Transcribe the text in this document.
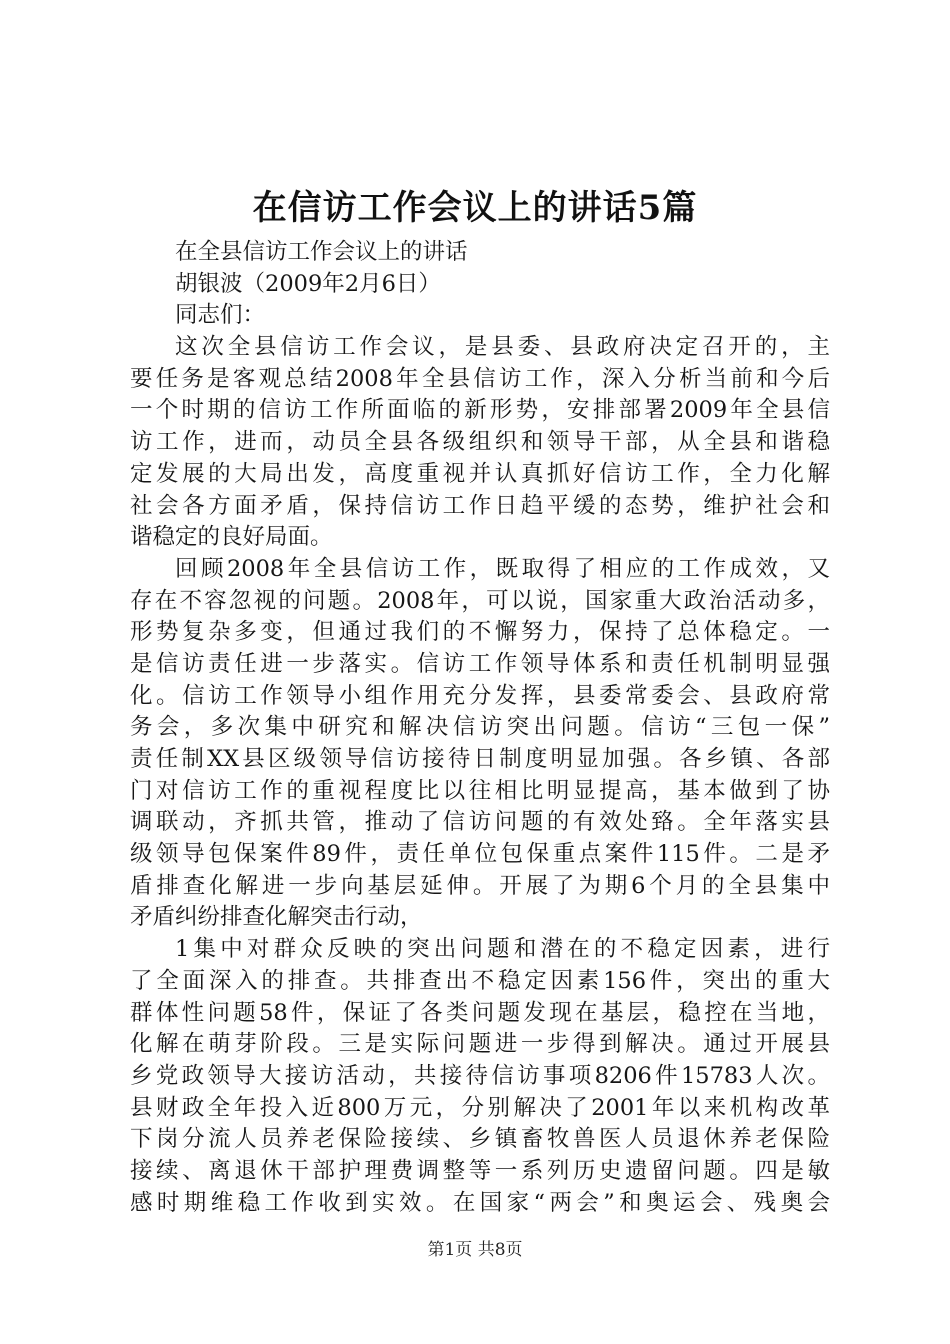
在信访工作会议上的讲话5篇
在全县信访工作会议上的讲话
胡银波（2009年2月6日）
同志们：
这次全县信访工作会议，是县委、县政府决定召开的，主
要任务是客观总结2008年全县信访工作，深入分析当前和今后
一个时期的信访工作所面临的新形势，安排部署2009年全县信
访工作，进而，动员全县各级组织和领导干部，从全县和谐稳
定发展的大局出发，高度重视并认真抓好信访工作，全力化解
社会各方面矛盾，保持信访工作日趋平缓的态势，维护社会和
谐稳定的良好局面。
回顾2008年全县信访工作，既取得了相应的工作成效，又
存在不容忽视的问题。2008年，可以说，国家重大政治活动多，
形势复杂多变，但通过我们的不懈努力，保持了总体稳定。一
是信访责任进一步落实。信访工作领导体系和责任机制明显强
化。信访工作领导小组作用充分发挥，县委常委会、县政府常
务会，多次集中研究和解决信访突出问题。信访“三包一保”
责任制XX县区级领导信访接待日制度明显加强。各乡镇、各部
门对信访工作的重视程度比以往相比明显提高，基本做到了协
调联动，齐抓共管，推动了信访问题的有效处臵。全年落实县
级领导包保案件89件，责任单位包保重点案件115件。二是矛
盾排查化解进一步向基层延伸。开展了为期6个月的全县集中
矛盾纠纷排查化解突击行动，
1集中对群众反映的突出问题和潜在的不稳定因素，进行
了全面深入的排查。共排查出不稳定因素156件，突出的重大
群体性问题58件，保证了各类问题发现在基层，稳控在当地，
化解在萌芽阶段。三是实际问题进一步得到解决。通过开展县
乡党政领导大接访活动，共接待信访事项8206件15783人次。
县财政全年投入近800万元，分别解决了2001年以来机构改革
下岗分流人员养老保险接续、乡镇畜牧兽医人员退休养老保险
接续、离退休干部护理费调整等一系列历史遗留问题。四是敏
感时期维稳工作收到实效。在国家“两会”和奥运会、残奥会
第1页 共8页
